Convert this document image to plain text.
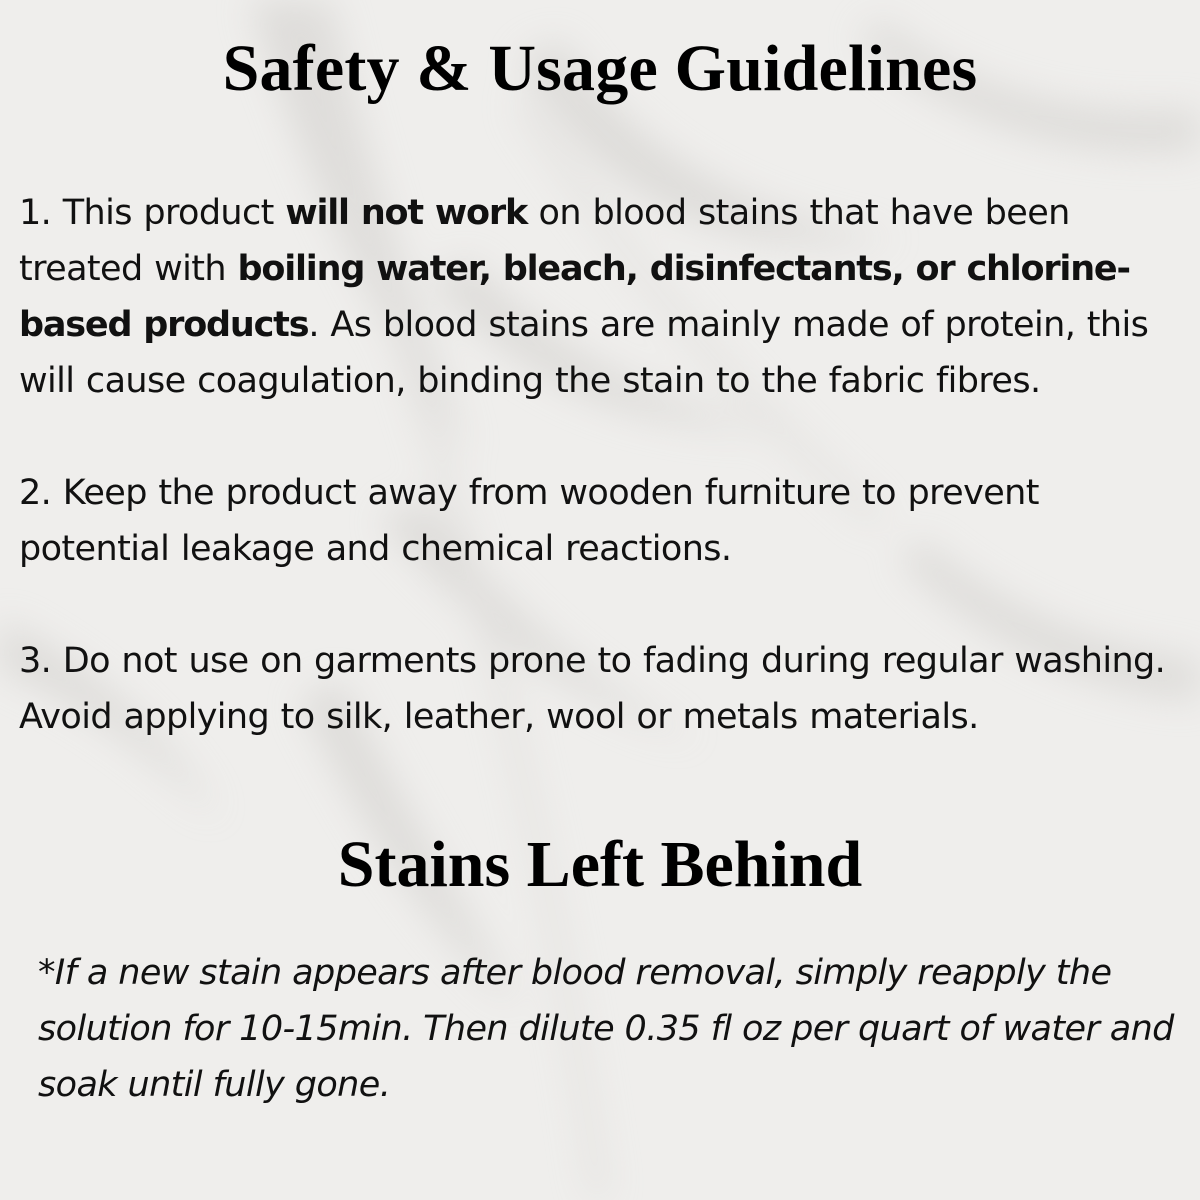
Safety & Usage Guidelines

1. This product will not work on blood stains that have been treated with boiling water, bleach, disinfectants, or chlorine-based products. As blood stains are mainly made of protein, this will cause coagulation, binding the stain to the fabric fibres.

2. Keep the product away from wooden furniture to prevent potential leakage and chemical reactions.

3. Do not use on garments prone to fading during regular washing. Avoid applying to silk, leather, wool or metals materials.

Stains Left Behind

*If a new stain appears after blood removal, simply reapply the solution for 10-15min. Then dilute 0.35 fl oz per quart of water and soak until fully gone.
